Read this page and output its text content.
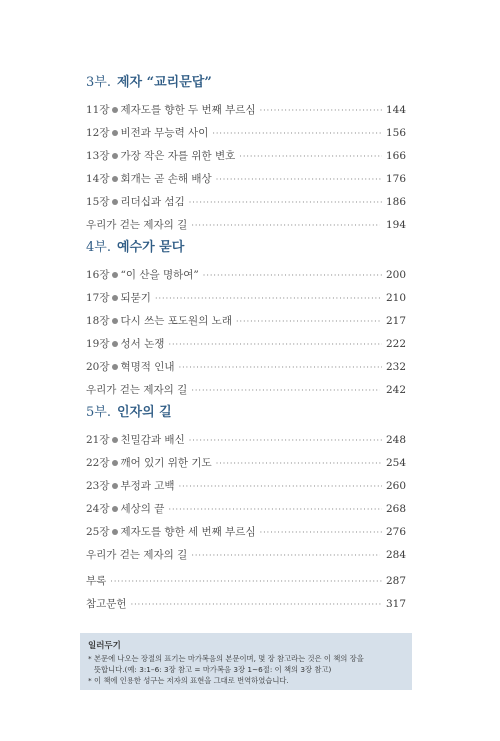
3부. 제자 “교리문답”
11장 제자도를 향한 두 번째 부르심 ·····	144
12장 비전과 무능력 사이 ·····	156
13장 가장 작은 자를 위한 변호 ·····	166
14장 회개는 곧 손해 배상 ·····	176
15장 리더십과 섬김 ·····	186
우리가 걷는 제자의 길 ·····	194
4부. 예수가 묻다
16장 “이 산을 명하여” ·····	200
17장 되묻기 ·····	210
18장 다시 쓰는 포도원의 노래 ·····	217
19장 성서 논쟁 ·····	222
20장 혁명적 인내 ·····	232
우리가 걷는 제자의 길 ·····	242
5부. 인자의 길
21장 친밀감과 배신 ·····	248
22장 깨어 있기 위한 기도 ·····	254
23장 부정과 고백 ·····	260
24장 세상의 끝 ·····	268
25장 제자도를 향한 세 번째 부르심 ·····	276
우리가 걷는 제자의 길 ·····	284
부록 ·····	287
참고문헌 ·····	317
일러두기
* 본문에 나오는 장절의 표기는 마가복음의 본문이며, 몇 장 참고라는 것은 이 책의 장을
뜻합니다.(예: 3:1–6: 3장 참고 = 마가복음 3장 1~6절: 이 책의 3장 참고)
* 이 책에 인용한 성구는 저자의 표현을 그대로 번역하였습니다.
